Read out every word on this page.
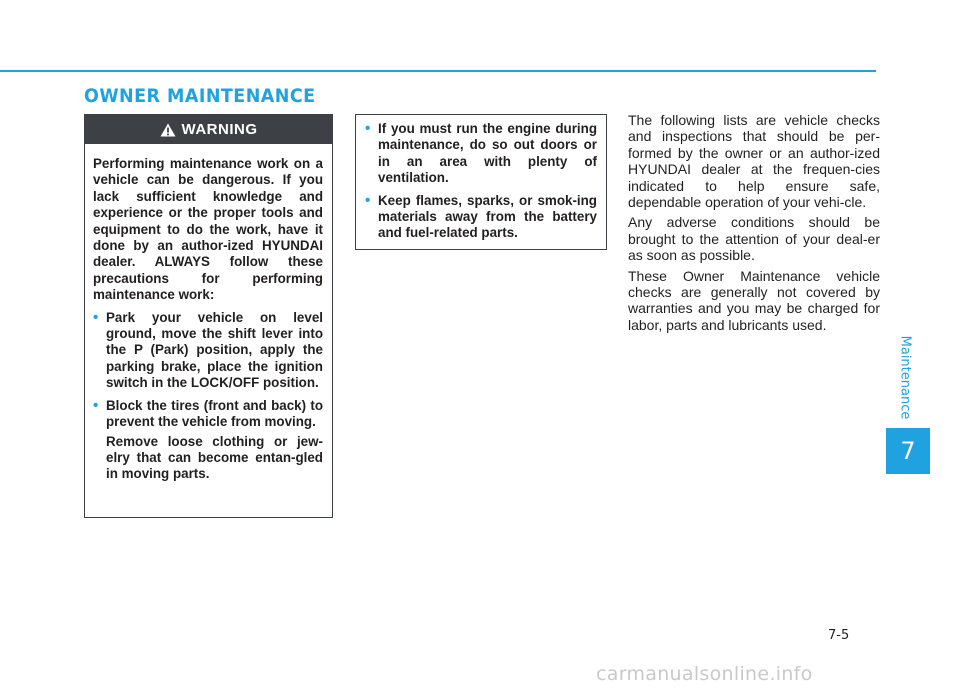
OWNER MAINTENANCE
Maintenance
7
WARNING

Performing maintenance work on a vehicle can be dangerous. If you lack sufficient knowledge and experience or the proper tools and equipment to do the work, have it done by an author-ized HYUNDAI dealer. ALWAYS follow these precautions for performing maintenance work:

• Park your vehicle on level ground, move the shift lever into the P (Park) position, apply the parking brake, place the ignition switch in the LOCK/OFF position.

• Block the tires (front and back) to prevent the vehicle from moving.

Remove loose clothing or jew-elry that can become entan-gled in moving parts.

• If you must run the engine during maintenance, do so out doors or in an area with plenty of ventilation.

• Keep flames, sparks, or smok-ing materials away from the battery and fuel-related parts.

The following lists are vehicle checks and inspections that should be per-formed by the owner or an author-ized HYUNDAI dealer at the frequen-cies indicated to help ensure safe, dependable operation of your vehi-cle.

Any adverse conditions should be brought to the attention of your deal-er as soon as possible.

These Owner Maintenance vehicle checks are generally not covered by warranties and you may be charged for labor, parts and lubricants used.

7-5
carmanualsonline.info
